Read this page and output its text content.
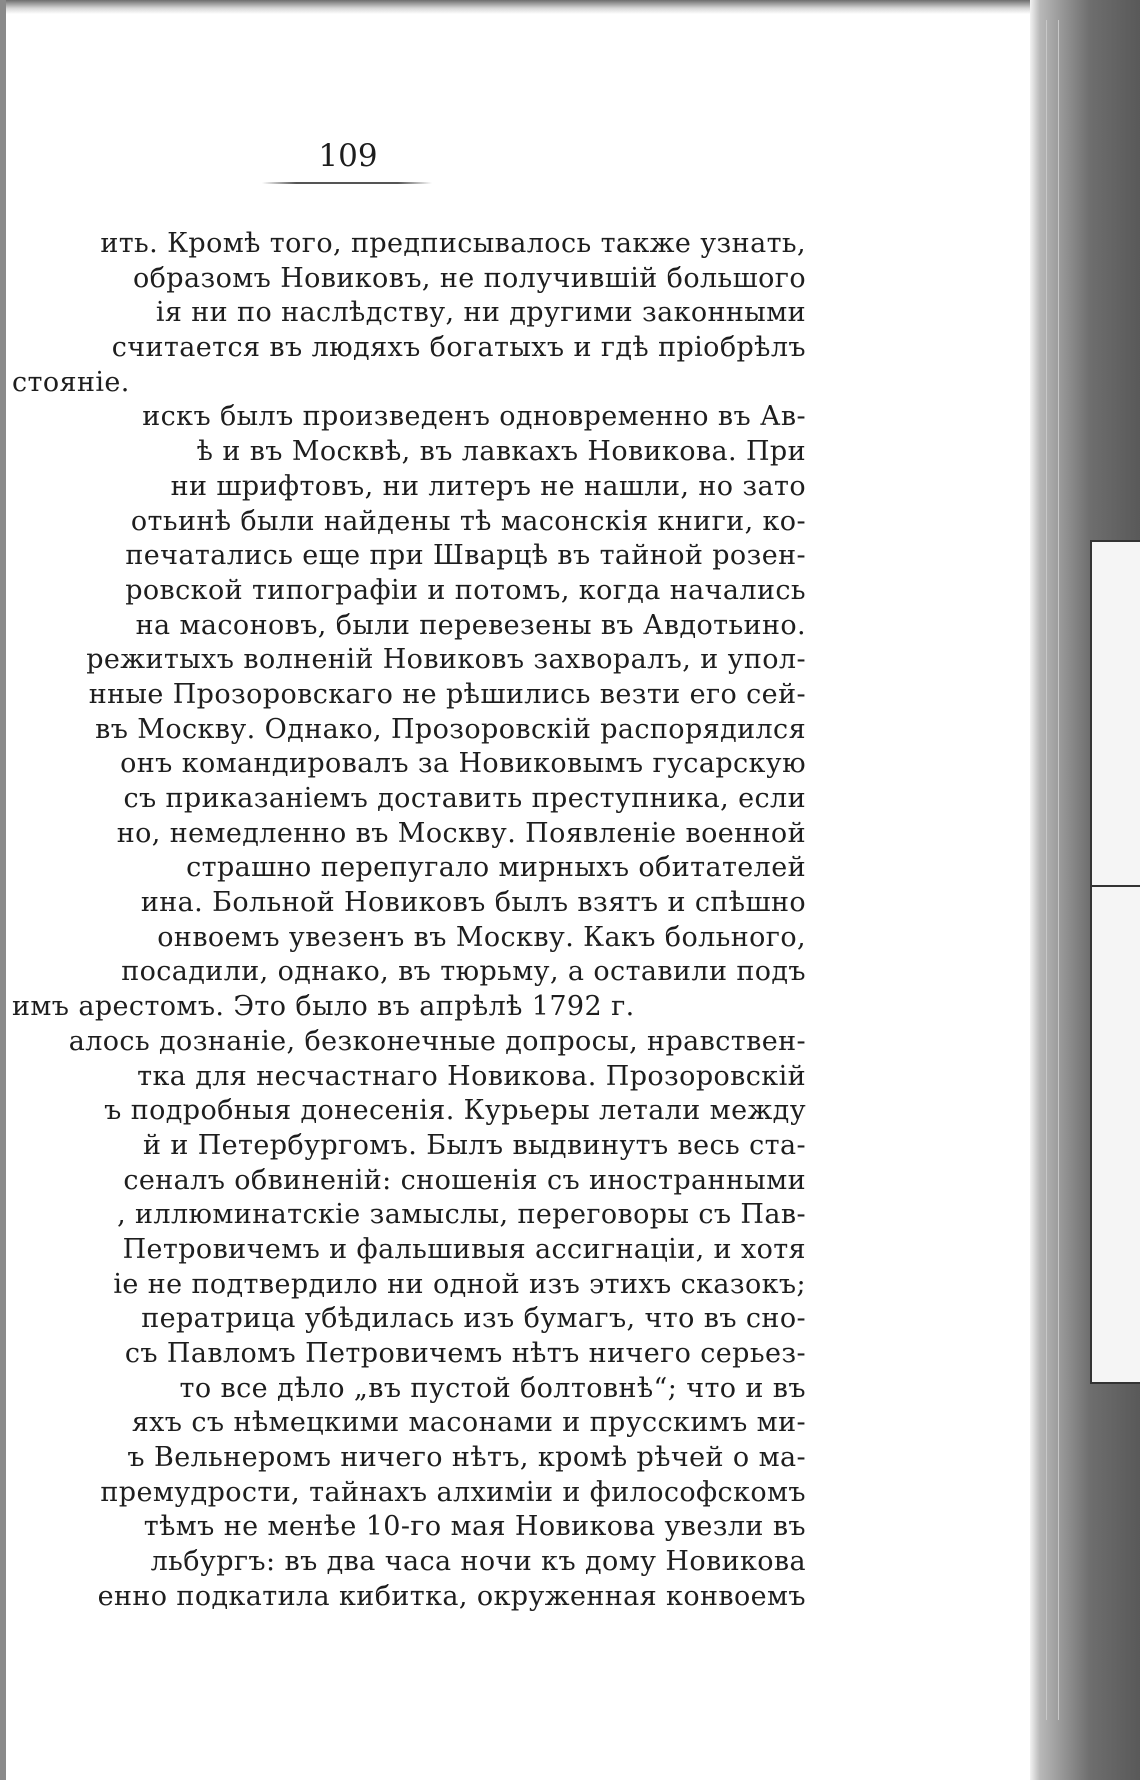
109
ить. Кромѣ того, предписывалось также узнать,
образомъ Новиковъ, не получившій большого
ія ни по наслѣдству, ни другими законными
считается въ людяхъ богатыхъ и гдѣ пріобрѣлъ
стояніе.
искъ былъ произведенъ одновременно въ Ав-
ѣ и въ Москвѣ, въ лавкахъ Новикова. При
ни шрифтовъ, ни литеръ не нашли, но зато
отьинѣ были найдены тѣ масонскія книги, ко-
печатались еще при Шварцѣ въ тайной розен-
ровской типографіи и потомъ, когда начались
на масоновъ, были перевезены въ Авдотьино.
режитыхъ волненій Новиковъ захворалъ, и упол-
нные Прозоровскаго не рѣшились везти его сей-
въ Москву. Однако, Прозоровскій распорядился
онъ командировалъ за Новиковымъ гусарскую
съ приказаніемъ доставить преступника, если
но, немедленно въ Москву. Появленіе военной
страшно перепугало мирныхъ обитателей
ина. Больной Новиковъ былъ взятъ и спѣшно
онвоемъ увезенъ въ Москву. Какъ больного,
посадили, однако, въ тюрьму, а оставили подъ
имъ арестомъ. Это было въ апрѣлѣ 1792 г.
алось дознаніе, безконечные допросы, нравствен-
тка для несчастнаго Новикова. Прозоровскій
ъ подробныя донесенія. Курьеры летали между
й и Петербургомъ. Былъ выдвинутъ весь ста-
сеналъ обвиненій: сношенія съ иностранными
, иллюминатскіе замыслы, переговоры съ Пав-
Петровичемъ и фальшивыя ассигнаціи, и хотя
іе не подтвердило ни одной изъ этихъ сказокъ;
пepaтрица убѣдилась изъ бумагъ, что въ сно-
съ Павломъ Петровичемъ нѣтъ ничего серьез-
то все дѣло „въ пустой болтовнѣ“; что и въ
яхъ съ нѣмецкими масонами и прусскимъ ми-
ъ Вельнеромъ ничего нѣтъ, кромѣ рѣчей о ма-
премудрости, тайнахъ алхиміи и философскомъ
тѣмъ не менѣе 10-го мая Новикова увезли въ
льбургъ: въ два часа ночи къ дому Новикова
енно подкатила кибитка, окруженная конвоемъ
